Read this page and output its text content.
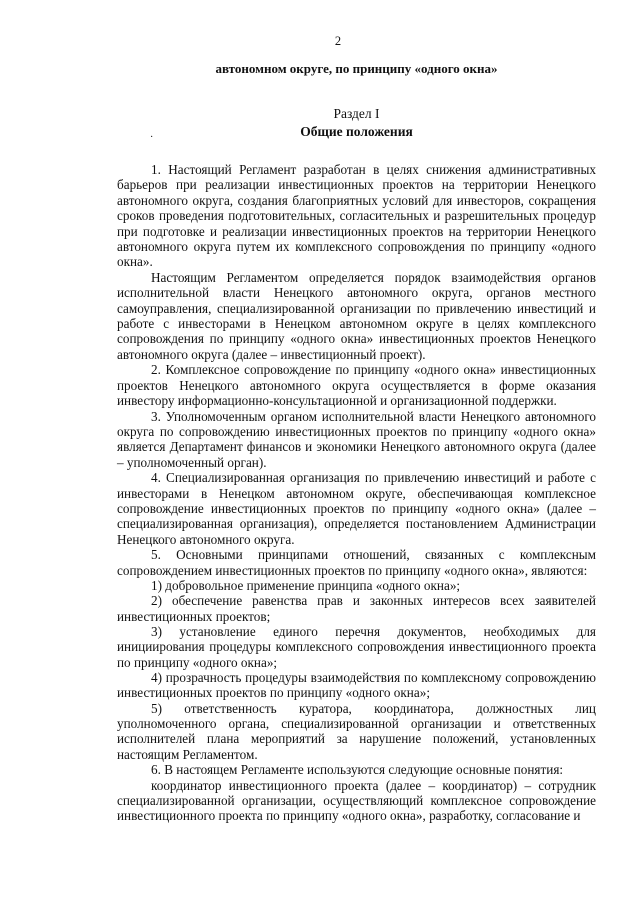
2
автономном округе, по принципу «одного окна»
Раздел I
Общие положения
·

1. Настоящий Регламент разработан в целях снижения административных барьеров при реализации инвестиционных проектов на территории Ненецкого автономного округа, создания благоприятных условий для инвесторов, сокращения сроков проведения подготовительных, согласительных и разрешительных процедур при подготовке и реализации инвестиционных проектов на территории Ненецкого автономного округа путем их комплексного сопровождения по принципу «одного окна».

Настоящим Регламентом определяется порядок взаимодействия органов исполнительной власти Ненецкого автономного округа, органов местного самоуправления, специализированной организации по привлечению инвестиций и работе с инвесторами в Ненецком автономном округе в целях комплексного сопровождения по принципу «одного окна» инвестиционных проектов Ненецкого автономного округа (далее – инвестиционный проект).

2. Комплексное сопровождение по принципу «одного окна» инвестиционных проектов Ненецкого автономного округа осуществляется в форме оказания инвестору информационно-консультационной и организационной поддержки.

3. Уполномоченным органом исполнительной власти Ненецкого автономного округа по сопровождению инвестиционных проектов по принципу «одного окна» является Департамент финансов и экономики Ненецкого автономного округа (далее – уполномоченный орган).

4. Специализированная организация по привлечению инвестиций и работе с инвесторами в Ненецком автономном округе, обеспечивающая комплексное сопровождение инвестиционных проектов по принципу «одного окна» (далее – специализированная организация), определяется постановлением Администрации Ненецкого автономного округа.

5. Основными принципами отношений, связанных с комплексным сопровождением инвестиционных проектов по принципу «одного окна», являются:

1) добровольное применение принципа «одного окна»;

2) обеспечение равенства прав и законных интересов всех заявителей инвестиционных проектов;

3) установление единого перечня документов, необходимых для инициирования процедуры комплексного сопровождения инвестиционного проекта по принципу «одного окна»;

4) прозрачность процедуры взаимодействия по комплексному сопровождению инвестиционных проектов по принципу «одного окна»;

5) ответственность куратора, координатора, должностных лиц уполномоченного органа, специализированной организации и ответственных исполнителей плана мероприятий за нарушение положений, установленных настоящим Регламентом.

6. В настоящем Регламенте используются следующие основные понятия:

координатор инвестиционного проекта (далее – координатор) – сотрудник специализированной организации, осуществляющий комплексное сопровождение инвестиционного проекта по принципу «одного окна», разработку, согласование и
